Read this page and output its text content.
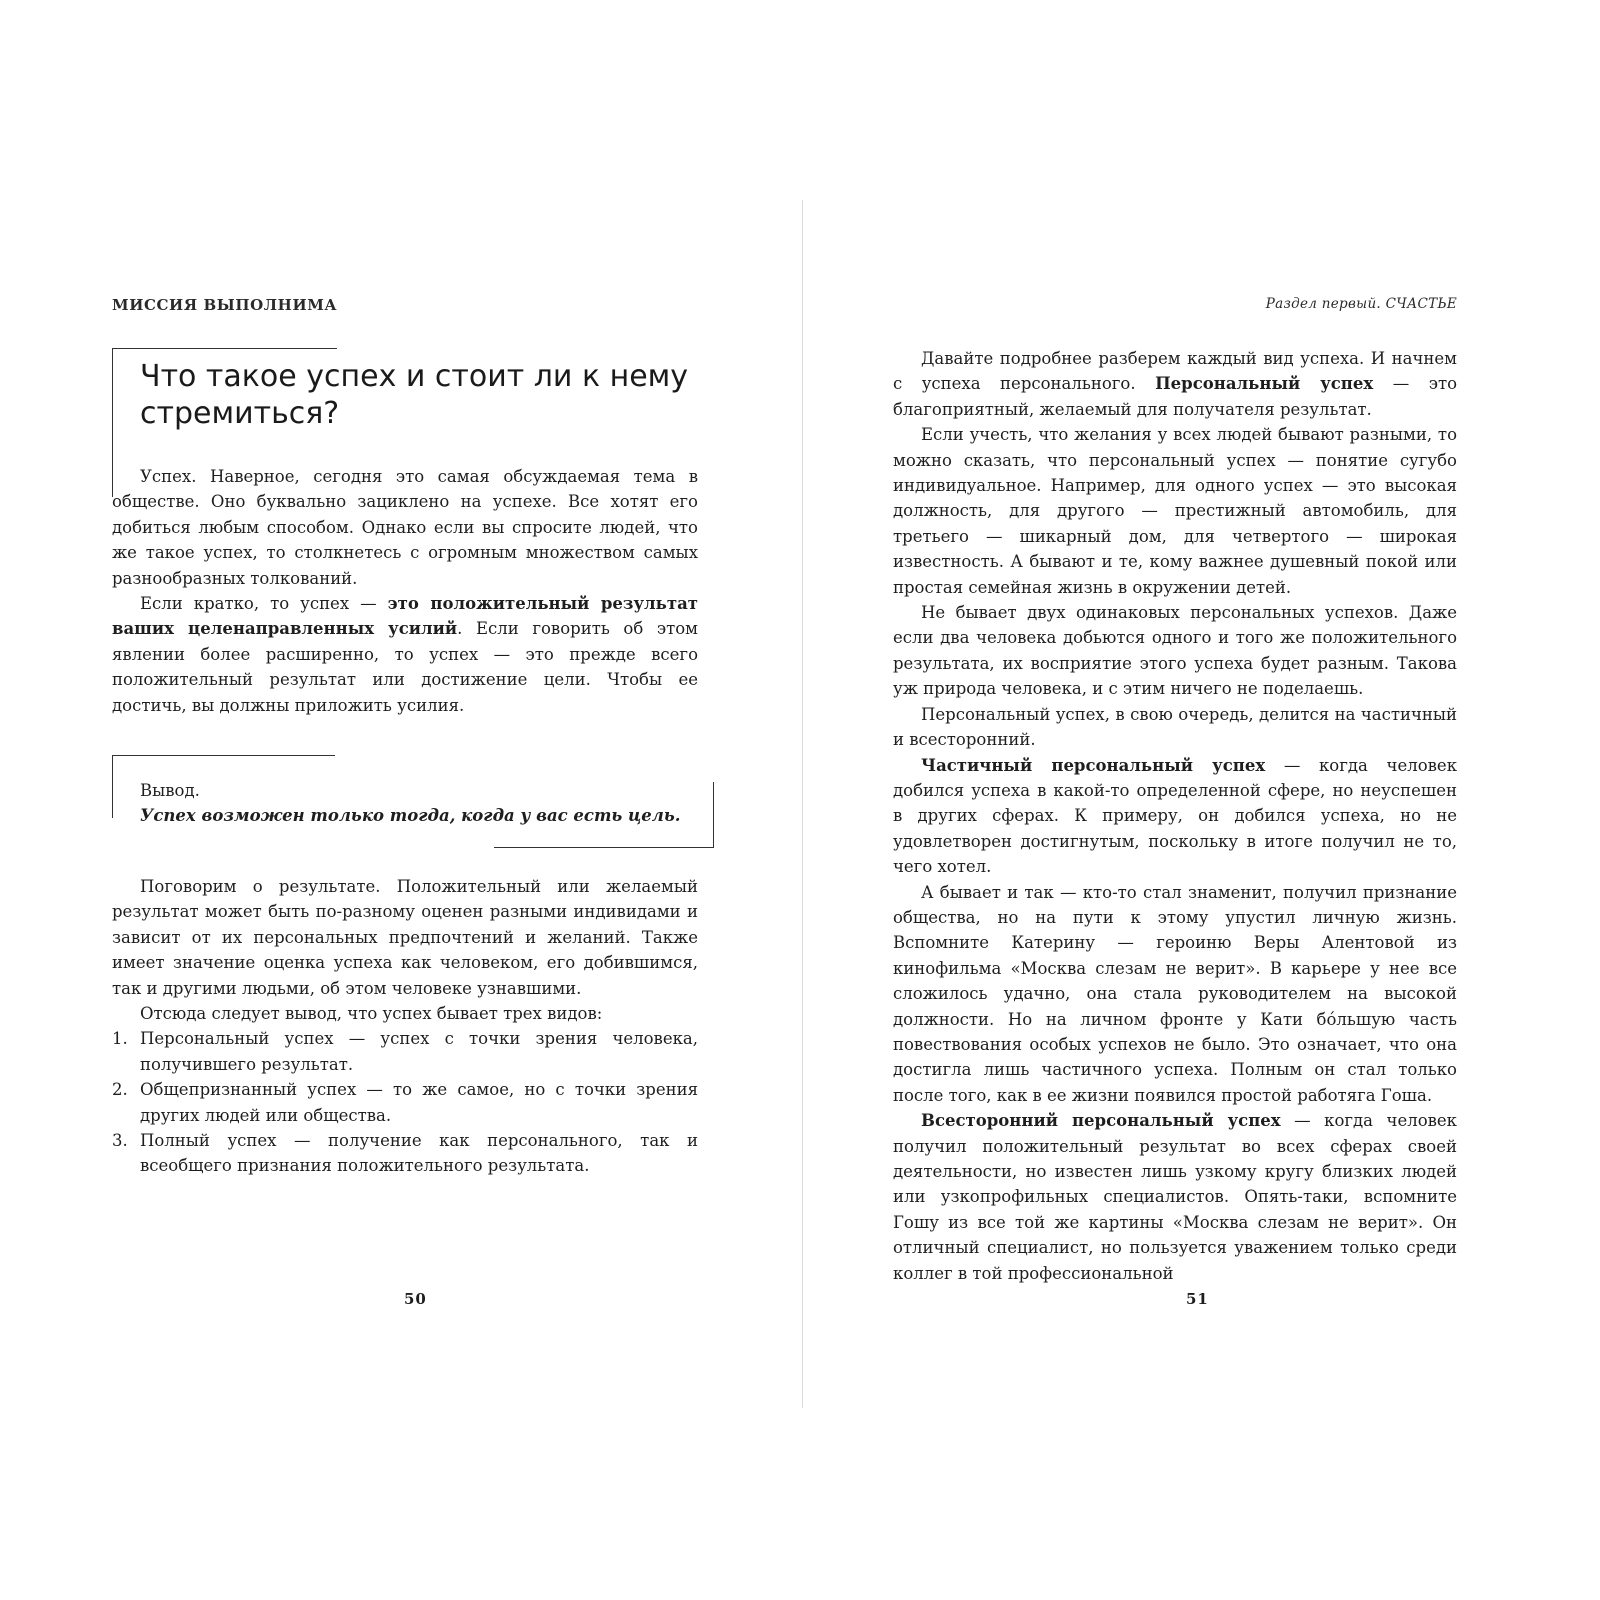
МИССИЯ ВЫПОЛНИМА
Что такое успех и стоит ли к нему стремиться?

Успех. Наверное, сегодня это самая обсуждаемая тема в обществе. Оно буквально зациклено на успехе. Все хотят его добиться любым способом. Однако если вы спросите людей, что же такое успех, то столкнетесь с огромным множеством самых разнообразных толкований.

Если кратко, то успех — это положительный результат ваших целенаправленных усилий. Если говорить об этом явлении более расширенно, то успех — это прежде всего положительный результат или достижение цели. Чтобы ее достичь, вы должны приложить усилия.

Вывод.
Успех возможен только тогда, когда у вас есть цель.

Поговорим о результате. Положительный или желаемый результат может быть по-разному оценен разными индивидами и зависит от их персональных предпочтений и желаний. Также имеет значение оценка успеха как человеком, его добившимся, так и другими людьми, об этом человеке узнавшими.

Отсюда следует вывод, что успех бывает трех видов:

1. Персональный успех — успех с точки зрения человека, получившего результат.
2. Общепризнанный успех — то же самое, но с точки зрения других людей или общества.
3. Полный успех — получение как персонального, так и всеобщего признания положительного результата.
50
Раздел первый. СЧАСТЬЕ

Давайте подробнее разберем каждый вид успеха. И начнем с успеха персонального. Персональный успех — это благоприятный, желаемый для получателя результат.

Если учесть, что желания у всех людей бывают разными, то можно сказать, что персональный успех — понятие сугубо индивидуальное. Например, для одного успех — это высокая должность, для другого — престижный автомобиль, для третьего — шикарный дом, для четвертого — широкая известность. А бывают и те, кому важнее душевный покой или простая семейная жизнь в окружении детей.

Не бывает двух одинаковых персональных успехов. Даже если два человека добьются одного и того же положительного результата, их восприятие этого успеха будет разным. Такова уж природа человека, и с этим ничего не поделаешь.

Персональный успех, в свою очередь, делится на частичный и всесторонний.

Частичный персональный успех — когда человек добился успеха в какой-то определенной сфере, но неуспешен в других сферах. К примеру, он добился успеха, но не удовлетворен достигнутым, поскольку в итоге получил не то, чего хотел.

А бывает и так — кто-то стал знаменит, получил признание общества, но на пути к этому упустил личную жизнь. Вспомните Катерину — героиню Веры Алентовой из кинофильма «Москва слезам не верит». В карьере у нее все сложилось удачно, она стала руководителем на высокой должности. Но на личном фронте у Кати бóльшую часть повествования особых успехов не было. Это означает, что она достигла лишь частичного успеха. Полным он стал только после того, как в ее жизни появился простой работяга Гоша.

Всесторонний персональный успех — когда человек получил положительный результат во всех сферах своей деятельности, но известен лишь узкому кругу близких людей или узкопрофильных специалистов. Опять-таки, вспомните Гошу из все той же картины «Москва слезам не верит». Он отличный специалист, но пользуется уважением только среди коллег в той профессиональной

51
